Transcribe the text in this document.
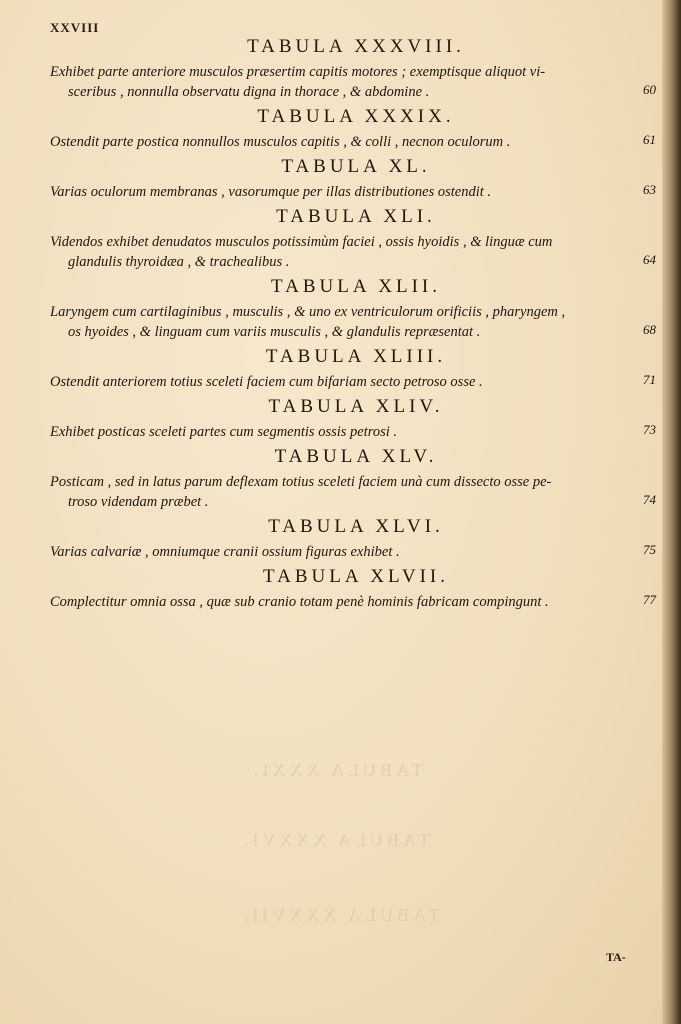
TABULA XXXI.
TABULA XXXVI.
TABULA XXXVII.
XXVIII
TABULA XXXVIII.
Exhibet parte anteriore musculos præsertim capitis motores ; exemptisque aliquot vi-

sceribus , nonnulla observatu digna in thorace , & abdomine .	60
TABULA XXXIX.
Ostendit parte postica nonnullos musculos capitis , & colli , necnon oculorum .	61
TABULA XL.
Varias oculorum membranas , vasorumque per illas distributiones ostendit .	63
TABULA XLI.
Videndos exhibet denudatos musculos potissimùm faciei , ossis hyoidis , & linguæ cum

glandulis thyroidæa , & trachealibus .	64
TABULA XLII.
Laryngem cum cartilaginibus , musculis , & uno ex ventriculorum orificiis , pharyngem ,

os hyoides , & linguam cum variis musculis , & glandulis repræsentat .	68
TABULA XLIII.
Ostendit anteriorem totius sceleti faciem cum bifariam secto petroso osse .	71
TABULA XLIV.
Exhibet posticas sceleti partes cum segmentis ossis petrosi .	73
TABULA XLV.
Posticam , sed in latus parum deflexam totius sceleti faciem unà cum dissecto osse pe-

troso videndam præbet .	74
TABULA XLVI.
Varias calvariæ , omniumque cranii ossium figuras exhibet .	75
TABULA XLVII.
Complectitur omnia ossa , quæ sub cranio totam penè hominis fabricam compingunt .	77
TA-
